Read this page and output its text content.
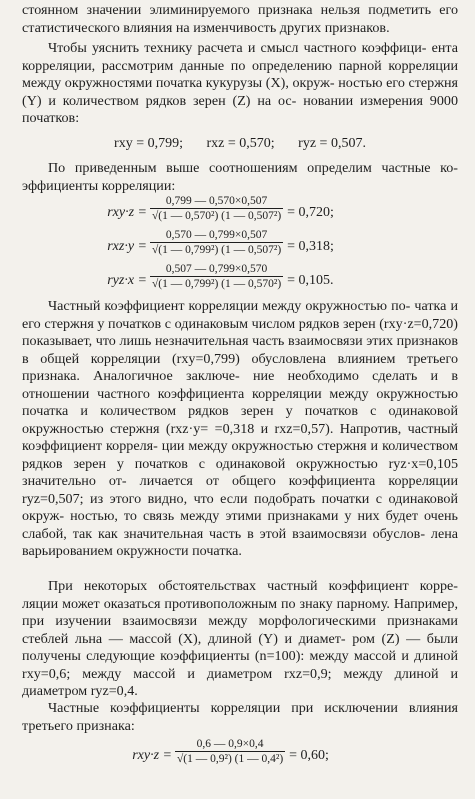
стоянном значении элиминируемого признака нельзя подметить его статистического влияния на изменчивость других признаков.

Чтобы уяснить технику расчета и смысл частного коэффици- ента корреляции, рассмотрим данные по определению парной корреляции между окружностями початка кукурузы (X), окруж- ностью его стержня (Y) и количеством рядков зерен (Z) на ос- новании измерения 9000 початков:

rxy = 0,799; rxz = 0,570; ryz = 0,507.

По приведенным выше соотношениям определим частные ко- эффициенты корреляции:

rxy·z =
0,799 — 0,570×0,507
√(1 — 0,570²) (1 — 0,507²) = 0,720;
rxz·y =
0,570 — 0,799×0,507
√(1 — 0,799²) (1 — 0,507²) = 0,318;
ryz·x =
0,507 — 0,799×0,570
√(1 — 0,799²) (1 — 0,570²) = 0,105.

Частный коэффициент корреляции между окружностью по- чатка и его стержня у початков с одинаковым числом рядков зерен (rxy·z=0,720) показывает, что лишь незначительная часть взаимосвязи этих признаков в общей корреляции (rxy=0,799) обусловлена влиянием третьего признака. Аналогичное заключе- ние необходимо сделать и в отношении частного коэффициента корреляции между окружностью початка и количеством рядков зерен у початков с одинаковой окружностью стержня (rxz·y= =0,318 и rxz=0,57). Напротив, частный коэффициент корреля- ции между окружностью стержня и количеством рядков зерен у початков с одинаковой окружностью ryz·x=0,105 значительно от- личается от общего коэффициента корреляции ryz=0,507; из этого видно, что если подобрать початки с одинаковой окруж- ностью, то связь между этими признаками у них будет очень слабой, так как значительная часть в этой взаимосвязи обуслов- лена варьированием окружности початка.

При некоторых обстоятельствах частный коэффициент корре- ляции может оказаться противоположным по знаку парному. Например, при изучении взаимосвязи между морфологическими признаками стеблей льна — массой (X), длиной (Y) и диамет- ром (Z) — были получены следующие коэффициенты (n=100): между массой и длиной rxy=0,6; между массой и диаметром rxz=0,9; между длиной и диаметром ryz=0,4.

Частные коэффициенты корреляции при исключении влияния третьего признака:

rxy·z =
0,6 — 0,9×0,4
√(1 — 0,9²) (1 — 0,4²) = 0,60;
